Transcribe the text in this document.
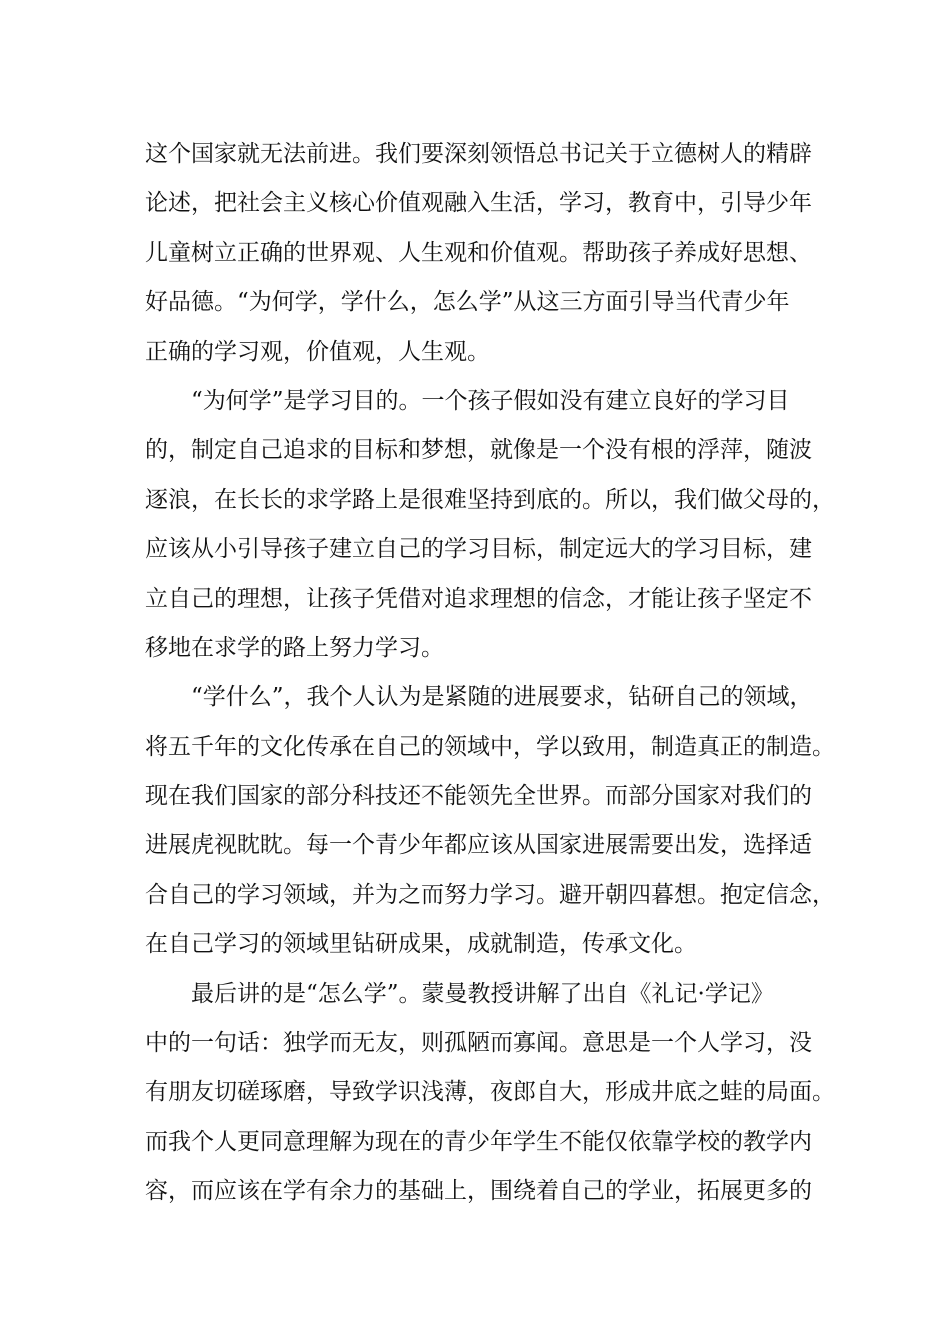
这个国家就无法前进。我们要深刻领悟总书记关于立德树人的精辟
论述，把社会主义核心价值观融入生活，学习，教育中，引导少年
儿童树立正确的世界观、人生观和价值观。帮助孩子养成好思想、
好品德。“为何学，学什么，怎么学”从这三方面引导当代青少年
正确的学习观，价值观，人生观。
“为何学”是学习目的。一个孩子假如没有建立良好的学习目
的，制定自己追求的目标和梦想，就像是一个没有根的浮萍，随波
逐浪，在长长的求学路上是很难坚持到底的。所以，我们做父母的，
应该从小引导孩子建立自己的学习目标，制定远大的学习目标，建
立自己的理想，让孩子凭借对追求理想的信念，才能让孩子坚定不
移地在求学的路上努力学习。
“学什么”，我个人认为是紧随的进展要求，钻研自己的领域，
将五千年的文化传承在自己的领域中，学以致用，制造真正的制造。
现在我们国家的部分科技还不能领先全世界。而部分国家对我们的
进展虎视眈眈。每一个青少年都应该从国家进展需要出发，选择适
合自己的学习领域，并为之而努力学习。避开朝四暮想。抱定信念，
在自己学习的领域里钻研成果，成就制造，传承文化。
最后讲的是“怎么学”。蒙曼教授讲解了出自《礼记·学记》
中的一句话：独学而无友，则孤陋而寡闻。意思是一个人学习，没
有朋友切磋琢磨，导致学识浅薄，夜郎自大，形成井底之蛙的局面。
而我个人更同意理解为现在的青少年学生不能仅依靠学校的教学内
容，而应该在学有余力的基础上，围绕着自己的学业，拓展更多的
